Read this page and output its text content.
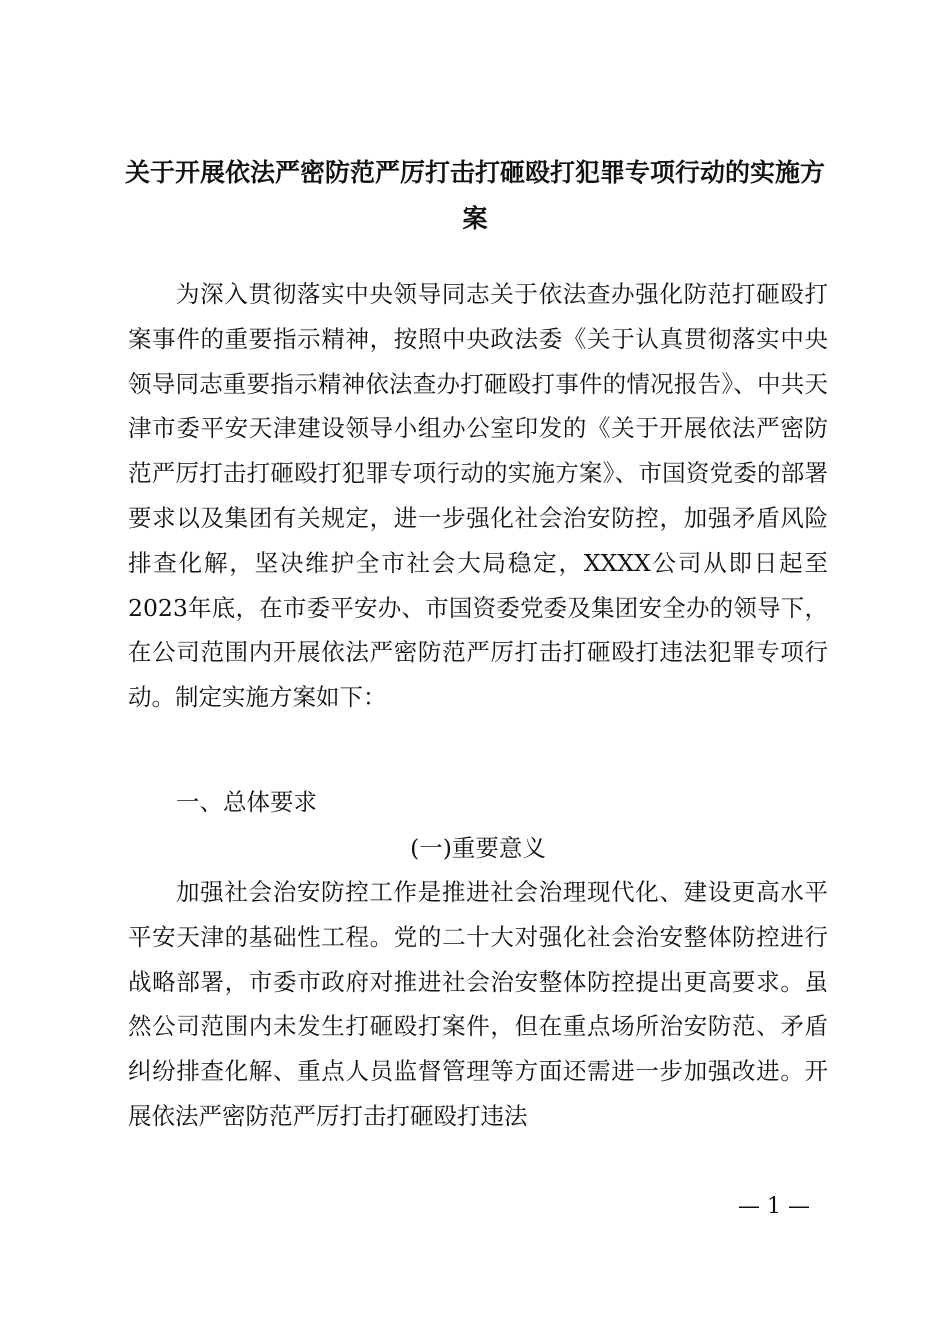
关于开展依法严密防范严厉打击打砸殴打犯罪专项行动的实施方案
为深入贯彻落实中央领导同志关于依法查办强化防范打砸殴打案事件的重要指示精神，按照中央政法委《关于认真贯彻落实中央领导同志重要指示精神依法查办打砸殴打事件的情况报告》、中共天津市委平安天津建设领导小组办公室印发的《关于开展依法严密防范严厉打击打砸殴打犯罪专项行动的实施方案》、市国资党委的部署要求以及集团有关规定，进一步强化社会治安防控，加强矛盾风险排查化解，坚决维护全市社会大局稳定，XXXX公司从即日起至2023年底，在市委平安办、市国资委党委及集团安全办的领导下，在公司范围内开展依法严密防范严厉打击打砸殴打违法犯罪专项行动。制定实施方案如下：
一、总体要求
(一)重要意义
加强社会治安防控工作是推进社会治理现代化、建设更高水平平安天津的基础性工程。党的二十大对强化社会治安整体防控进行战略部署，市委市政府对推进社会治安整体防控提出更高要求。虽然公司范围内未发生打砸殴打案件，但在重点场所治安防范、矛盾纠纷排查化解、重点人员监督管理等方面还需进一步加强改进。开展依法严密防范严厉打击打砸殴打违法
— 1 —
